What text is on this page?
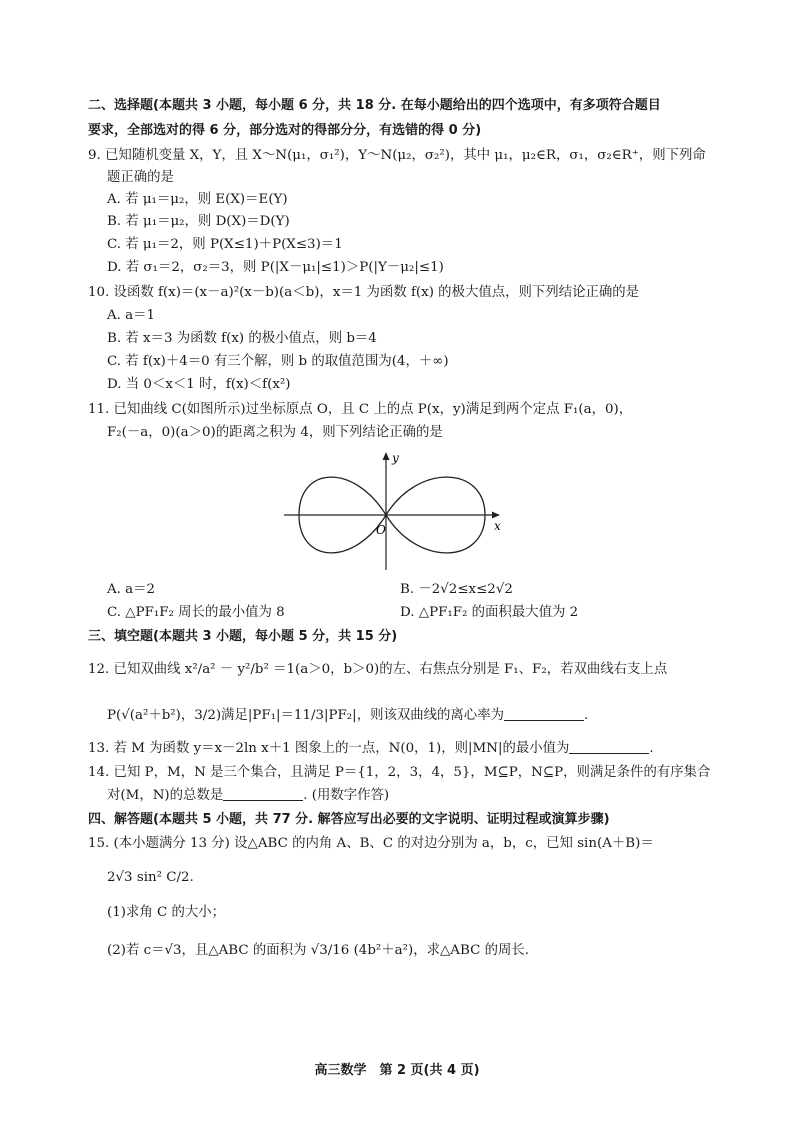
二、选择题(本题共 3 小题，每小题 6 分，共 18 分. 在每小题给出的四个选项中，有多项符合题目
要求，全部选对的得 6 分，部分选对的得部分分，有选错的得 0 分)
9. 已知随机变量 X，Y，且 X～N(μ₁，σ₁²)，Y～N(μ₂，σ₂²)，其中 μ₁，μ₂∈R，σ₁，σ₂∈R⁺，则下列命
题正确的是
A. 若 μ₁＝μ₂，则 E(X)＝E(Y)
B. 若 μ₁＝μ₂，则 D(X)＝D(Y)
C. 若 μ₁＝2，则 P(X≤1)＋P(X≤3)＝1
D. 若 σ₁＝2，σ₂＝3，则 P(|X－μ₁|≤1)＞P(|Y－μ₂|≤1)
10. 设函数 f(x)＝(x－a)²(x－b)(a＜b)，x＝1 为函数 f(x) 的极大值点，则下列结论正确的是
A. a＝1
B. 若 x＝3 为函数 f(x) 的极小值点，则 b＝4
C. 若 f(x)＋4＝0 有三个解，则 b 的取值范围为(4，＋∞)
D. 当 0＜x＜1 时，f(x)＜f(x²)
11. 已知曲线 C(如图所示)过坐标原点 O，且 C 上的点 P(x，y)满足到两个定点 F₁(a，0)，
F₂(－a，0)(a＞0)的距离之积为 4，则下列结论正确的是
y
x
O
A. a＝2	B. －2√2≤x≤2√2
C. △PF₁F₂ 周长的最小值为 8	D. △PF₁F₂ 的面积最大值为 2
三、填空题(本题共 3 小题，每小题 5 分，共 15 分)
12. 已知双曲线 x²/a² － y²/b² ＝1(a＞0，b＞0)的左、右焦点分别是 F₁、F₂，若双曲线右支上点
P(√(a²＋b²)，3/2)满足|PF₁|＝11/3|PF₂|，则该双曲线的离心率为	.
13. 若 M 为函数 y＝x－2ln x＋1 图象上的一点，N(0，1)，则|MN|的最小值为	.
14. 已知 P，M，N 是三个集合，且满足 P＝{1，2，3，4，5}，M⊆P，N⊆P，则满足条件的有序集合
对(M，N)的总数是	. (用数字作答)
四、解答题(本题共 5 小题，共 77 分. 解答应写出必要的文字说明、证明过程或演算步骤)
15. (本小题满分 13 分) 设△ABC 的内角 A、B、C 的对边分别为 a，b，c，已知 sin(A＋B)＝
2√3 sin² C/2.
(1)求角 C 的大小；
(2)若 c＝√3，且△ABC 的面积为 √3/16 (4b²＋a²)，求△ABC 的周长.
高三数学　第 2 页(共 4 页)
